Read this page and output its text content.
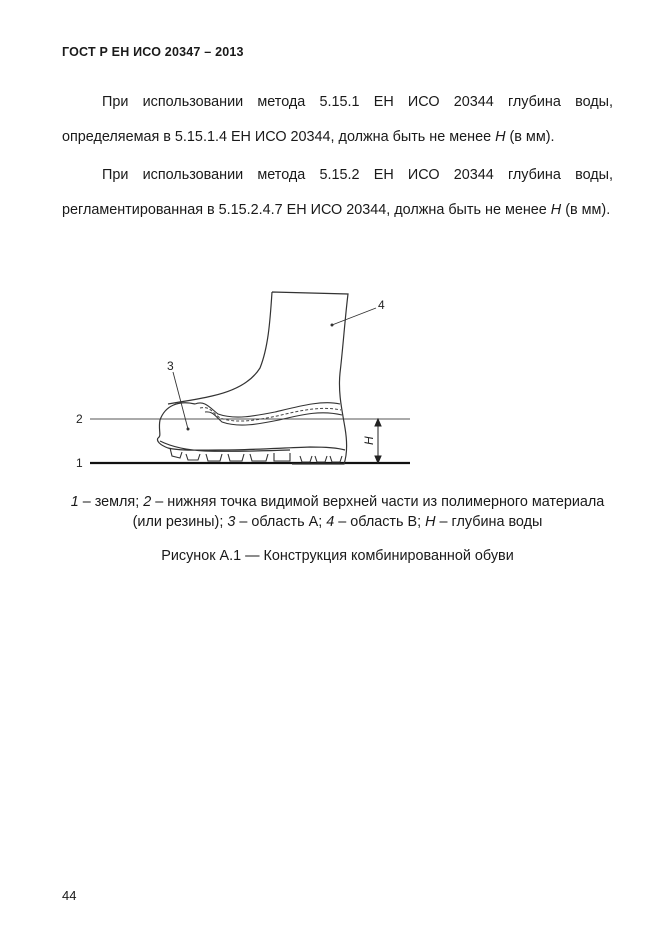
ГОСТ Р ЕН ИСО 20347 – 2013

При использовании метода 5.15.1 ЕН ИСО 20344 глубина воды, определяемая в 5.15.1.4 ЕН ИСО 20344, должна быть не менее H (в мм).

При использовании метода 5.15.2 ЕН ИСО 20344 глубина воды, регламентированная в 5.15.2.4.7 ЕН ИСО 20344, должна быть не менее H (в мм).

H
4
3
2
1

1 – земля; 2 – нижняя точка видимой верхней части из полимерного материала (или резины); 3 – область А; 4 – область В; H – глубина воды

Рисунок А.1 — Конструкция комбинированной обуви

44
